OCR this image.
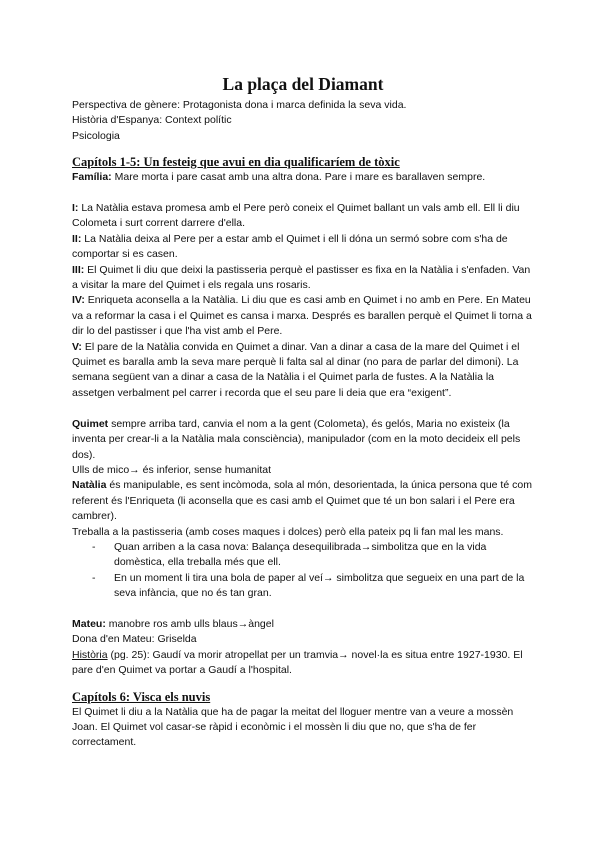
La plaça del Diamant

Perspectiva de gènere: Protagonista dona i marca definida la seva vida.

Història d'Espanya: Context polític

Psicologia

Capítols 1-5: Un festeig que avui en dia qualificaríem de tòxic

Família: Mare morta i pare casat amb una altra dona. Pare i mare es barallaven sempre.

I: La Natàlia estava promesa amb el Pere però coneix el Quimet ballant un vals amb ell. Ell li diu Colometa i surt corrent darrere d'ella.

II: La Natàlia deixa al Pere per a estar amb el Quimet i ell li dóna un sermó sobre com s'ha de comportar si es casen.

III: El Quimet li diu que deixi la pastisseria perquè el pastisser es fixa en la Natàlia i s'enfaden. Van a visitar la mare del Quimet i els regala uns rosaris.

IV: Enriqueta aconsella a la Natàlia. Li diu que es casi amb en Quimet i no amb en Pere. En Mateu va a reformar la casa i el Quimet es cansa i marxa. Després es barallen perquè el Quimet li torna a dir lo del pastisser i que l'ha vist amb el Pere.

V: El pare de la Natàlia convida en Quimet a dinar. Van a dinar a casa de la mare del Quimet i el Quimet es baralla amb la seva mare perquè li falta sal al dinar (no para de parlar del dimoni). La semana següent van a dinar a casa de la Natàlia i el Quimet parla de fustes. A la Natàlia la assetgen verbalment pel carrer i recorda que el seu pare li deia que era “exigent”.

Quimet sempre arriba tard, canvia el nom a la gent (Colometa), és gelós, Maria no existeix (la inventa per crear-li a la Natàlia mala consciència), manipulador (com en la moto decideix ell pels dos).

Ulls de mico→ és inferior, sense humanitat

Natàlia és manipulable, es sent incòmoda, sola al món, desorientada, la única persona que té com referent és l'Enriqueta (li aconsella que es casi amb el Quimet que té un bon salari i el Pere era cambrer).

Treballa a la pastisseria (amb coses maques i dolces) però ella pateix pq li fan mal les mans.

- Quan arriben a la casa nova: Balança desequilibrada→simbolitza que en la vida domèstica, ella treballa més que ell.
- En un moment li tira una bola de paper al veí→ simbolitza que segueix en una part de la seva infància, que no és tan gran.

Mateu: manobre ros amb ulls blaus→àngel

Dona d'en Mateu: Griselda

Història (pg. 25): Gaudí va morir atropellat per un tramvia→ novel·la es situa entre 1927-1930. El pare d'en Quimet va portar a Gaudí a l'hospital.

Capítols 6: Visca els nuvis

El Quimet li diu a la Natàlia que ha de pagar la meitat del lloguer mentre van a veure a mossèn Joan. El Quimet vol casar-se ràpid i econòmic i el mossèn li diu que no, que s'ha de fer correctament.
